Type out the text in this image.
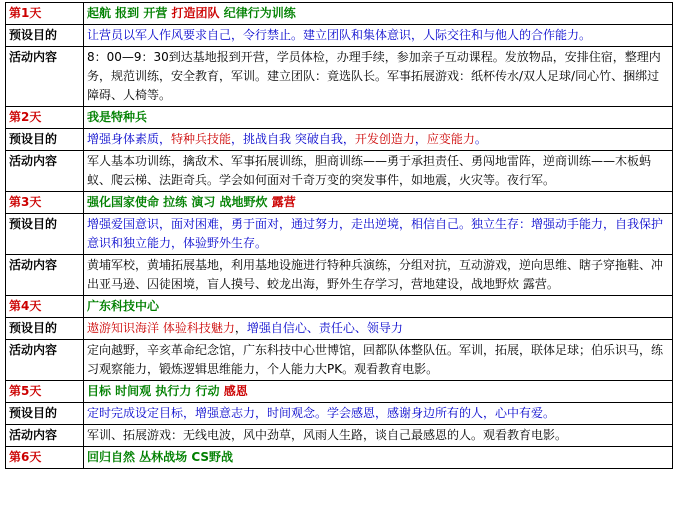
第1天	起航 报到 开营 打造团队 纪律行为训练
预设目的	让营员以军人作风要求自己，令行禁止。建立团队和集体意识，人际交往和与他人的合作能力。
活动内容	8：00—9：30到达基地报到开营，学员体检，办理手续，参加亲子互动课程。发放物品，安排住宿，整理内务，规范训练，安全教育，军训。建立团队：竟选队长。军事拓展游戏：纸杯传水/双人足球/同心竹、捆绑过障碍、人椅等。
第2天	我是特种兵
预设目的	增强身体素质，特种兵技能，挑战自我 突破自我，开发创造力，应变能力。
活动内容	军人基本功训练，擒敌术、军事拓展训练，胆商训练——勇于承担责任、勇闯地雷阵，逆商训练——木板蚂蚁、爬云梯、法距奇兵。学会如何面对千奇万变的突发事件，如地震，火灾等。夜行军。
第3天	强化国家使命 拉练 演习 战地野炊 露营
预设目的	增强爱国意识，面对困难，勇于面对，通过努力，走出逆境，相信自己。独立生存：增强动手能力，自我保护意识和独立能力，体验野外生存。
活动内容	黄埔军校，黄埔拓展基地，利用基地设施进行特种兵演练，分组对抗，互动游戏，逆向思维、瞎子穿拖鞋、冲出亚马逊、囚徒困境，盲人摸号、蛟龙出海，野外生存学习，营地建设，战地野炊 露营。
第4天	广东科技中心
预设目的	遨游知识海洋 体验科技魅力，增强自信心、责任心、领导力
活动内容	定向越野，辛亥革命纪念馆，广东科技中心世博馆，回都队体整队伍。军训，拓展，联体足球；伯乐识马，练习观察能力，锻炼逻辑思维能力，个人能力大PK。观看教育电影。
第5天	目标 时间观 执行力 行动 感恩
预设目的	定时完成设定目标，增强意志力，时间观念。学会感恩，感谢身边所有的人，心中有爱。
活动内容	军训、拓展游戏：无线电波，风中劲草，风雨人生路，谈自己最感恩的人。观看教育电影。
第6天	回归自然 丛林战场 CS野战
